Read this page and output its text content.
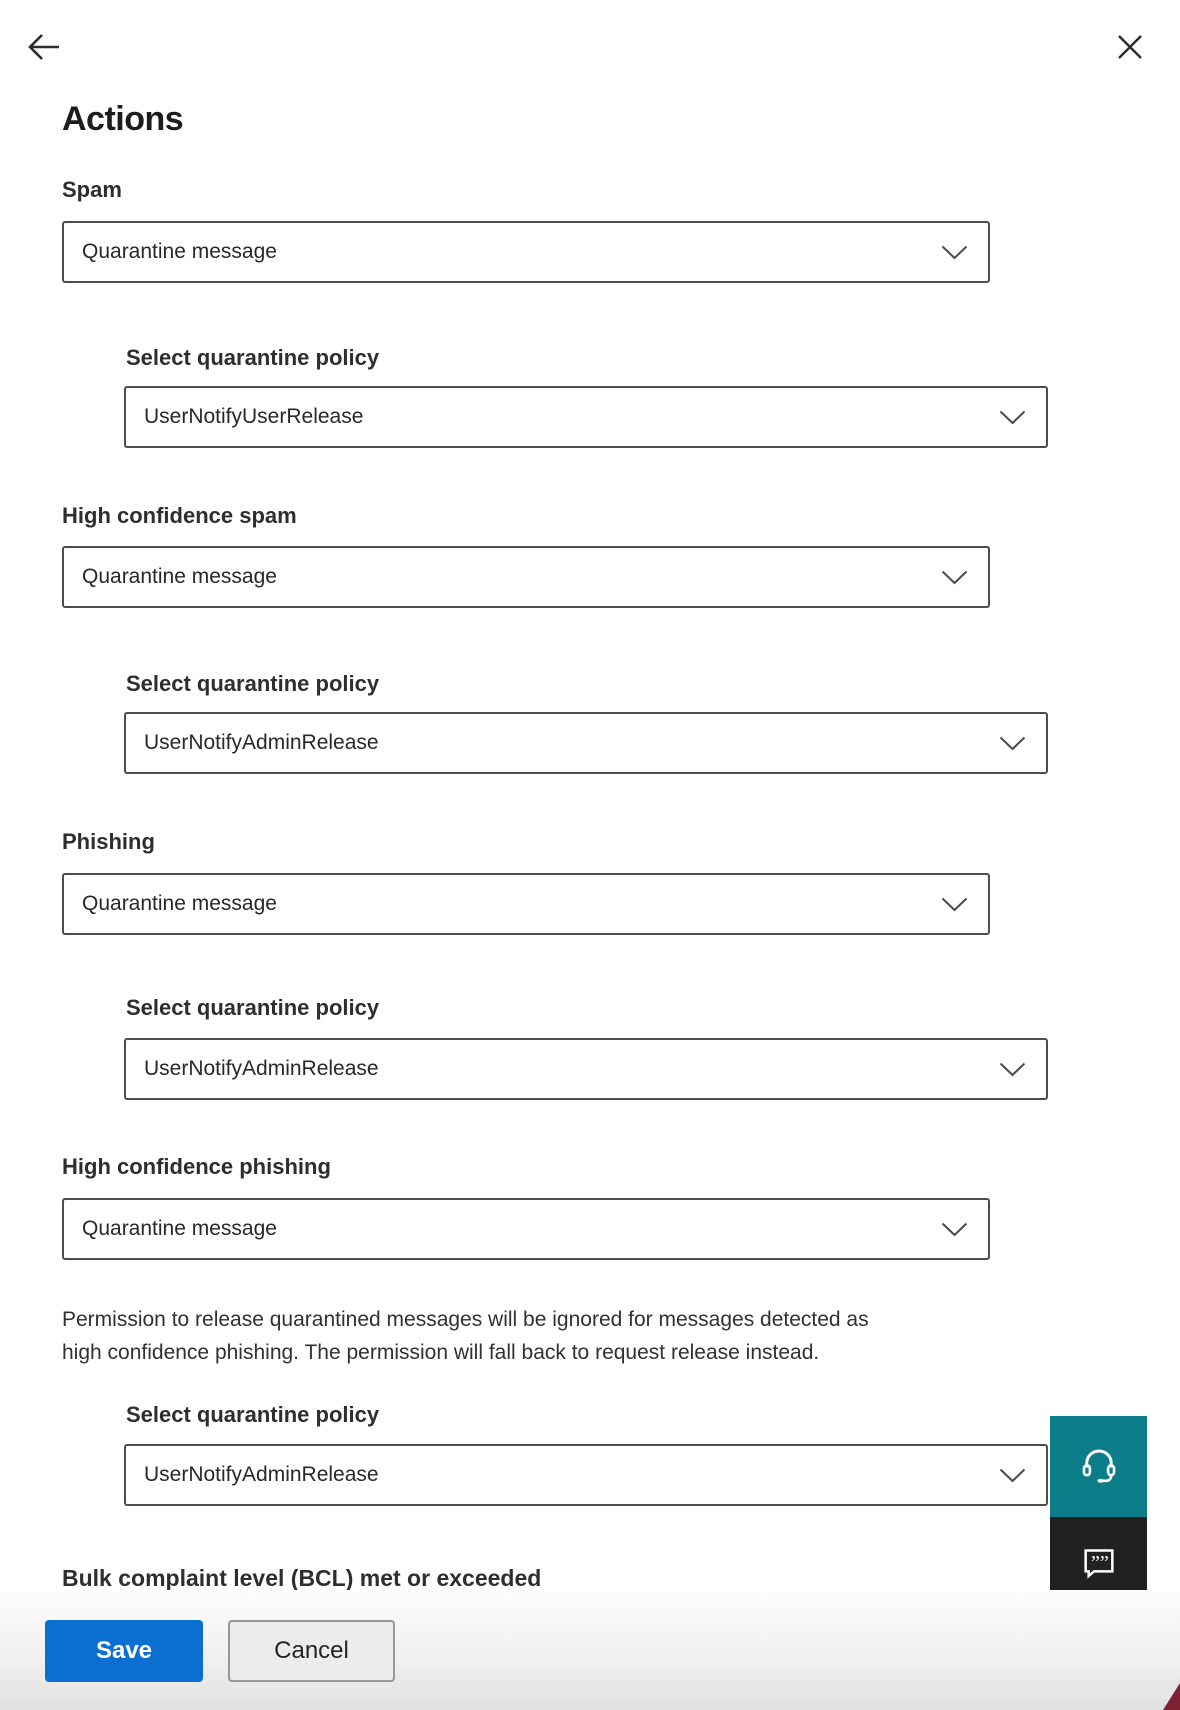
Actions
Spam
Quarantine message
Select quarantine policy
UserNotifyUserRelease
High confidence spam
Quarantine message
Select quarantine policy
UserNotifyAdminRelease
Phishing
Quarantine message
Select quarantine policy
UserNotifyAdminRelease
High confidence phishing
Quarantine message
Permission to release quarantined messages will be ignored for messages detected as
high confidence phishing. The permission will fall back to request release instead.
Select quarantine policy
UserNotifyAdminRelease
””
Bulk complaint level (BCL) met or exceeded
Save	Cancel
